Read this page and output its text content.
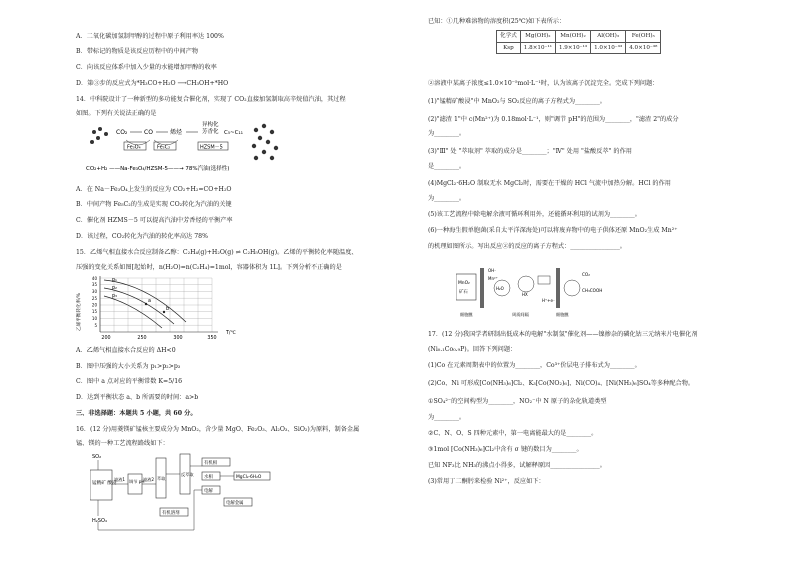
A．二氧化碳加氢制甲醇的过程中原子利用率达 100%
B．带标记的物质是该反应历程中的中间产物
C．向该反应体系中加入少量的水能增加甲醇的收率
D．第③步的反应式为*H₃CO+H₂O ⟶CH₃OH+*HO
14．中科院设计了一种新型的多功能复合催化剂，实现了 CO₂直接加氢制取高辛烷值汽油，其过程
如图。下列有关说法正确的是
CO₂	CO	烯烃
异构化
芳香化 C₅~C₁₁
Fe₃O₄	Fe₅C₂	HZSM－5
CO₂+H₂ ——Na-Fe₃O₄/HZSM-5——→ 78%汽油(选择性)
A．在 Na－Fe₃O₄上发生的反应为 CO₂+H₂=CO+H₂O
B．中间产物 Fe₅C₂的生成是实现 CO₂转化为汽油的关键
C．催化剂 HZMS－5 可以提高汽油中芳香烃的平衡产率
D．该过程，CO₂转化为汽油的转化率高达 78%
15．乙烯气相直接水合反应制备乙醇：C₂H₄(g)+H₂O(g) ⇌ C₂H₅OH(g)。乙烯的平衡转化率随温度、
压强的变化关系如图[起始时，n(H₂O)=n(C₂H₄)=1mol，容器体积为 1L]。下列分析不正确的是
乙烯平衡转化率/%
p₁
p₂
p₃
a
b
200	250	300	350
T/℃
5
10
15
20
25
30
35
40
A．乙烯气相直接水合反应的 ΔH<0
B．图中压强的大小关系为 p₁>p₂>p₃
C．图中 a 点对应的平衡常数 K=5/16
D．达到平衡状态 a、b 所需要的时间：a>b
三、非选择题：本题共 5 小题，共 60 分。
16．(12 分)用菱镁矿锰核主要成分为 MnO₂，含少量 MgO、Fe₂O₃、Al₂O₃、SiO₂)为原料，制备金属
锰、镁的一种工艺流程路线如下：
SO₂
锰精矿 酸浸
H₂SO₄
滤液1 调节 pH
滤液2 萃取
反萃取
有机相
水相	MgCl₂·6H₂O
电解
电解金属
有机溶剂
已知：①几种难溶物的溶度积(25℃)如下表所示：
化学式	Mg(OH)₂	Mn(OH)₂	Al(OH)₃	Fe(OH)₃
Ksp	1.8×10⁻¹¹	1.9×10⁻¹³	1.0×10⁻³³	4.0×10⁻³⁸
②溶液中某离子浓度≤1.0×10⁻⁵mol·L⁻¹时，认为该离子沉淀完全。完成下列问题：
(1)"锰精矿酸浸"中 MnO₂与 SO₂反应的离子方程式为________。
(2)"滤渣 1"中 c(Mn²⁺)为 0.18mol·L⁻¹，则"调节 pH"的范围为________，"滤渣 2"的成分
为________。
(3)"Ⅲ" 处 "萃取剂" 萃取的成分是________；"Ⅳ" 处用 "盐酸反萃" 的作用
是________。
(4)MgCl₂·6H₂O 制取无水 MgCl₂时，需要在干燥的 HCl 气流中加热分解。HCl 的作用
为________。
(5)该工艺流程中除电解余液可循环利用外，还能循环利用的试剂为________。
(6)一种海生假单胞菌(采自太平洋深海处)可以将废弃物中的电子供体还原 MnO₂生成 Mn²⁺
的机理如图所示。写出反应②的反应的离子方程式：________________。
MnO₂
矿石
OH⁻
Mn²⁺
H₂O
HX
H⁺+e⁻
CO₂
CH₃COOH
细胞膜	周质间隔	细胞膜
17．(12 分)我国学者研制出低成本的电解"水制氢"催化剂——镍掺杂的磷化钴三元纳米片电催化剂
(Ni₀.₁Co₀.₉P)。回答下列问题：
(1)Co 在元素周期表中的位置为________，Co³⁺价层电子排布式为________。
(2)Co、Ni 可形成[Co(NH₃)₆]Cl₂、K₃[Co(NO₂)₆]、Ni(CO)₄、[Ni(NH₃)₆]SO₄等多种配合物。
①SO₄²⁻的空间构型为________，NO₂⁻中 N 原子的杂化轨道类型
为________。
②C、N、O、S 四种元素中，第一电离能最大的是________。
③1mol [Co(NH₃)₆]Cl₂中含有 σ 键的数目为________。
已知 NF₃比 NH₃的沸点小得多，试解释原因________________。
(3)常用丁二酮肟来检验 Ni²⁺，反应如下：
